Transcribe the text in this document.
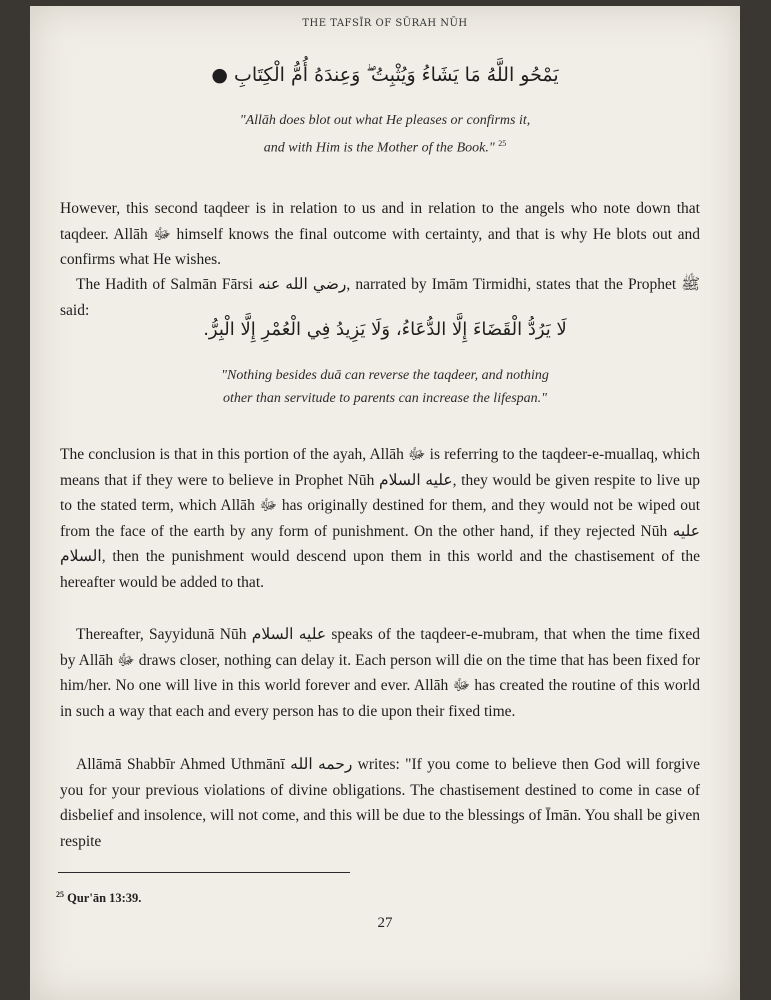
THE TAFSĪR OF SŪRAH NŪH
يَمْحُو اللَّهُ مَا يَشَاءُ وَيُثْبِتُ ۖ وَعِندَهُ أُمُّ الْكِتَابِ ●
"Allāh does blot out what He pleases or confirms it,
and with Him is the Mother of the Book." $^{25}$

However, this second taqdeer is in relation to us and in relation to the angels who note down that taqdeer. Allāh ﷻ himself knows the final outcome with certainty, and that is why He blots out and confirms what He wishes.

The Hadith of Salmān Fārsi رضي الله عنه, narrated by Imām Tirmidhi, states that the Prophet ﷺ said:

لَا يَرُدُّ الْقَضَاءَ إِلَّا الدُّعَاءُ، وَلَا يَزِيدُ فِي الْعُمْرِ إِلَّا الْبِرُّ.
"Nothing besides duā can reverse the taqdeer, and nothing
other than servitude to parents can increase the lifespan."

The conclusion is that in this portion of the ayah, Allāh ﷻ is referring to the taqdeer-e-muallaq, which means that if they were to believe in Prophet Nūh عليه السلام, they would be given respite to live up to the stated term, which Allāh ﷻ has originally destined for them, and they would not be wiped out from the face of the earth by any form of punishment. On the other hand, if they rejected Nūh عليه السلام, then the punishment would descend upon them in this world and the chastisement of the hereafter would be added to that.

Thereafter, Sayyidunā Nūh عليه السلام speaks of the taqdeer-e-mubram, that when the time fixed by Allāh ﷻ draws closer, nothing can delay it. Each person will die on the time that has been fixed for him/her. No one will live in this world forever and ever. Allāh ﷻ has created the routine of this world in such a way that each and every person has to die upon their fixed time.

Allāmā Shabbīr Ahmed Uthmānī رحمه الله writes: "If you come to believe then God will forgive you for your previous violations of divine obligations. The chastisement destined to come in case of disbelief and insolence, will not come, and this will be due to the blessings of Īmān. You shall be given respite

$^{25}$ Qur'ān 13:39.
27
